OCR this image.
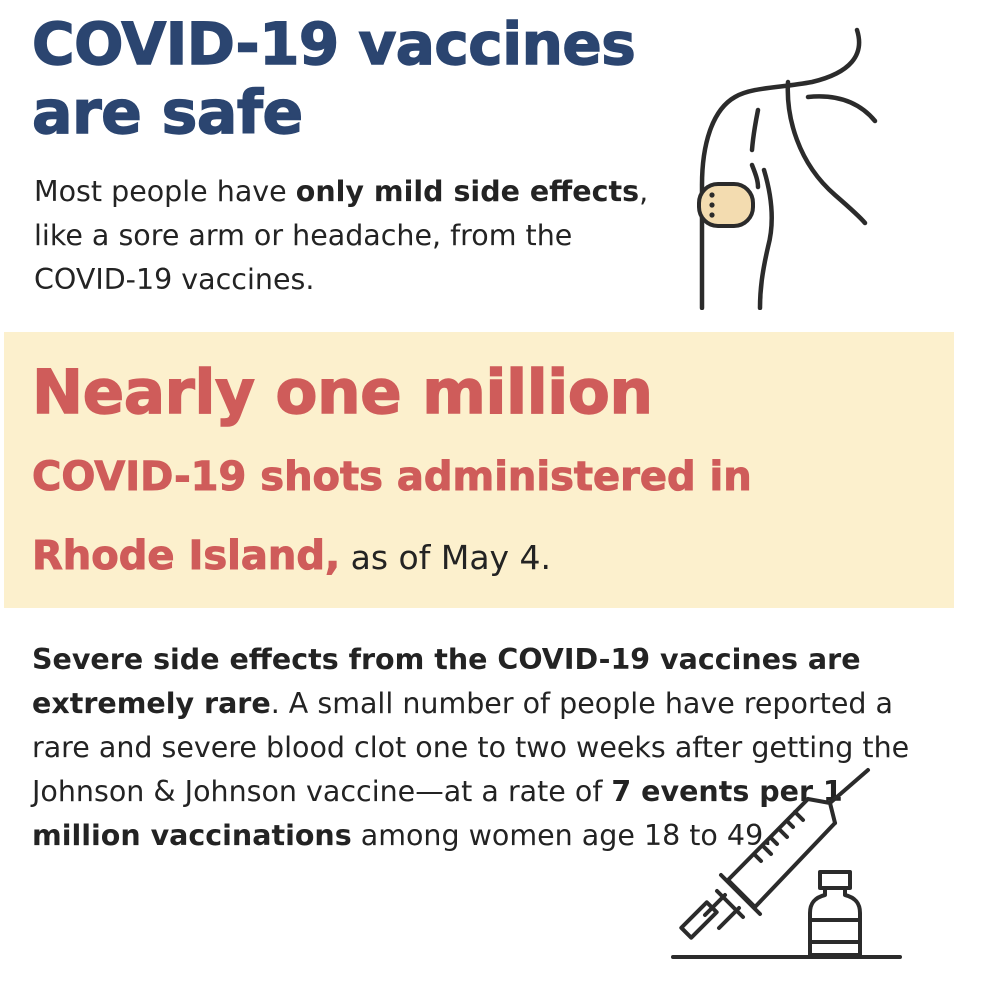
COVID-19 vaccines
are safe

Most people have only mild side effects, like a sore arm or headache, from the COVID-19 vaccines.

Nearly one million
COVID-19 shots administered in

Rhode Island, as of May 4.

Severe side effects from the COVID-19 vaccines are extremely rare. A small number of people have reported a rare and severe blood clot one to two weeks after getting the Johnson & Johnson vaccine—at a rate of 7 events per 1 million vaccinations among women age 18 to 49.
